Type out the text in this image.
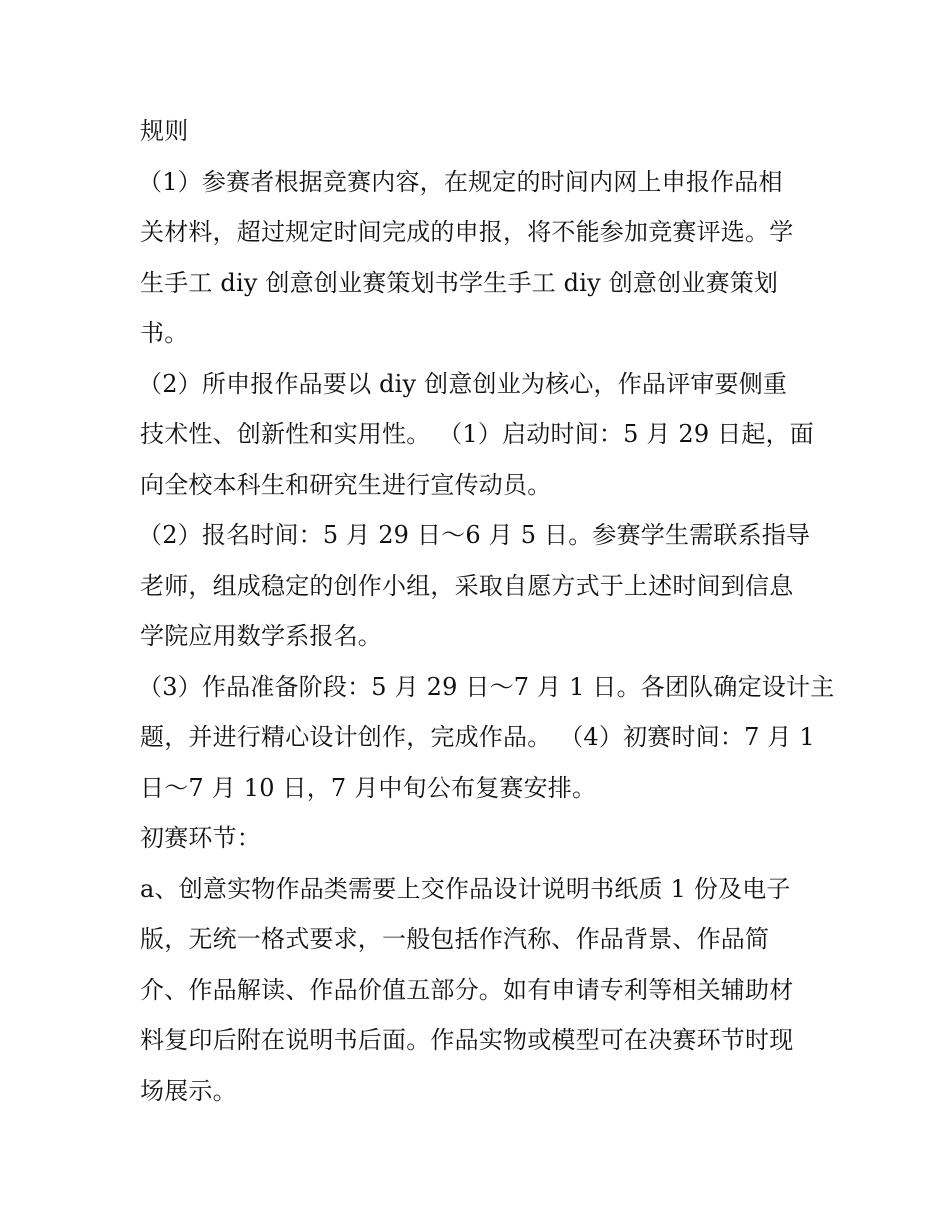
规则
（1）参赛者根据竞赛内容，在规定的时间内网上申报作品相
关材料，超过规定时间完成的申报，将不能参加竞赛评选。学
生手工 diy 创意创业赛策划书学生手工 diy 创意创业赛策划
书。
（2）所申报作品要以 diy 创意创业为核心，作品评审要侧重
技术性、创新性和实用性。 （1）启动时间：5 月 29 日起，面
向全校本科生和研究生进行宣传动员。
（2）报名时间：5 月 29 日～6 月 5 日。参赛学生需联系指导
老师，组成稳定的创作小组，采取自愿方式于上述时间到信息
学院应用数学系报名。
（3）作品准备阶段：5 月 29 日～7 月 1 日。各团队确定设计主
题，并进行精心设计创作，完成作品。 （4）初赛时间：7 月 1
日～7 月 10 日，7 月中旬公布复赛安排。
初赛环节：
a、创意实物作品类需要上交作品设计说明书纸质 1 份及电子
版，无统一格式要求，一般包括作汽称、作品背景、作品简
介、作品解读、作品价值五部分。如有申请专利等相关辅助材
料复印后附在说明书后面。作品实物或模型可在决赛环节时现
场展示。
